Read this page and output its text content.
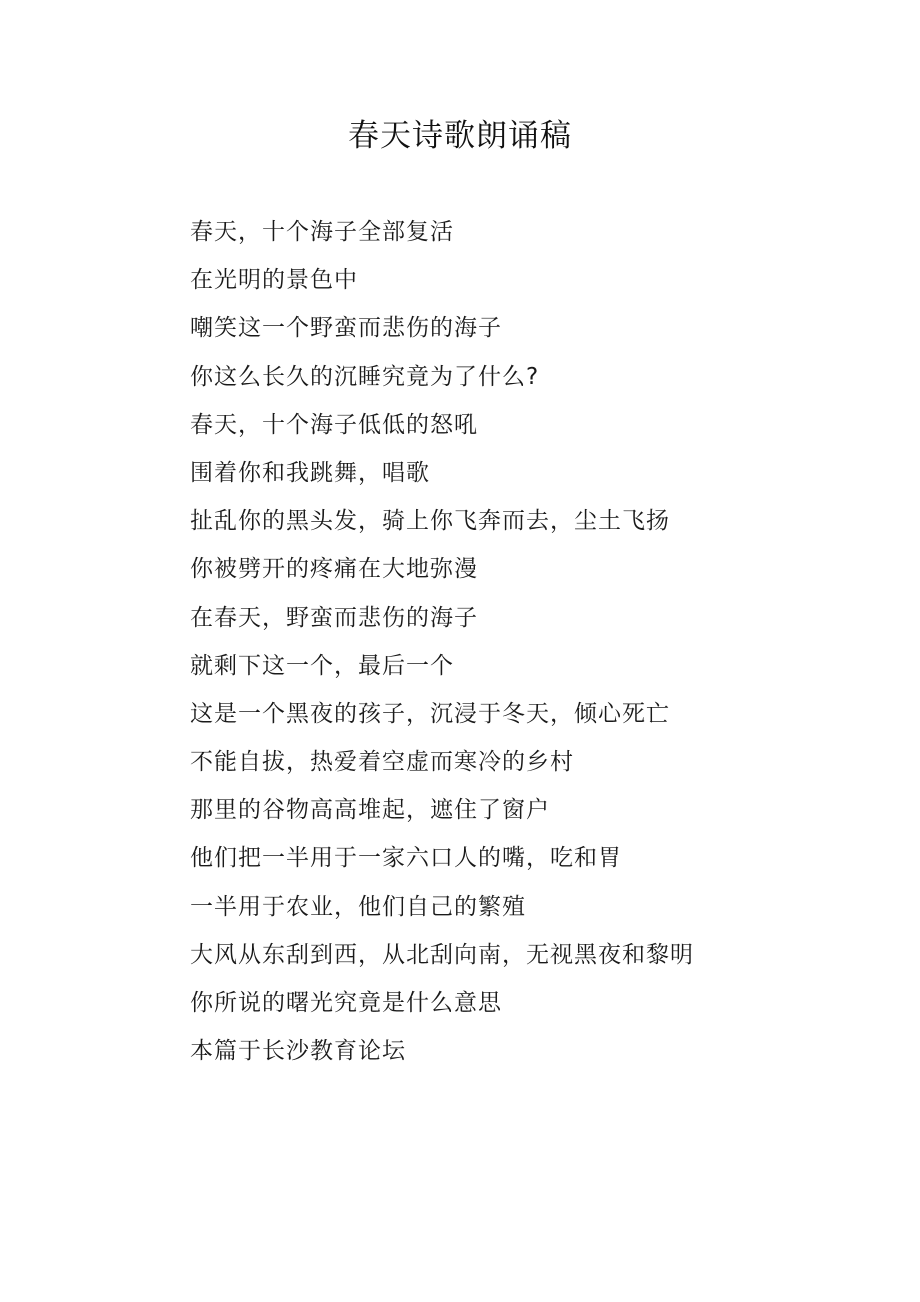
春天诗歌朗诵稿
春天，十个海子全部复活
在光明的景色中
嘲笑这一个野蛮而悲伤的海子
你这么长久的沉睡究竟为了什么?
春天，十个海子低低的怒吼
围着你和我跳舞，唱歌
扯乱你的黑头发，骑上你飞奔而去，尘土飞扬
你被劈开的疼痛在大地弥漫
在春天，野蛮而悲伤的海子
就剩下这一个，最后一个
这是一个黑夜的孩子，沉浸于冬天，倾心死亡
不能自拔，热爱着空虚而寒冷的乡村
那里的谷物高高堆起，遮住了窗户
他们把一半用于一家六口人的嘴，吃和胃
一半用于农业，他们自己的繁殖
大风从东刮到西，从北刮向南，无视黑夜和黎明
你所说的曙光究竟是什么意思
本篇于长沙教育论坛
